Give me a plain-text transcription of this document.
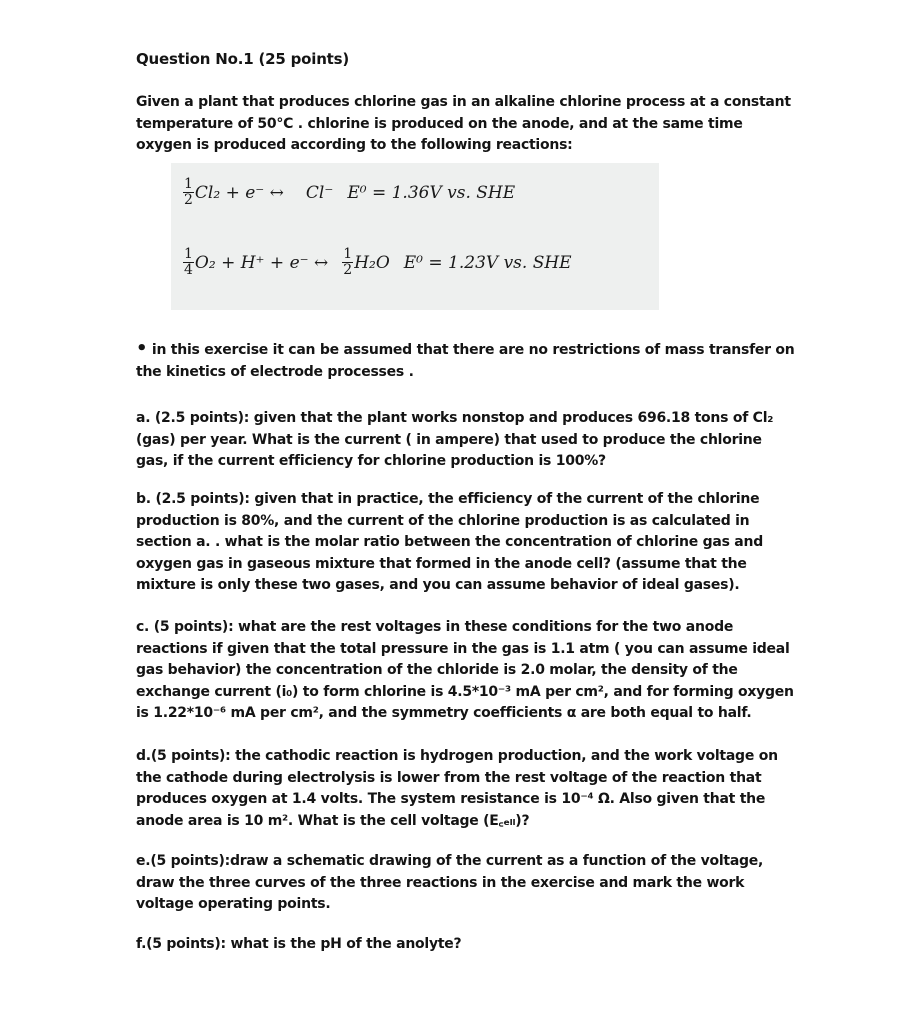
Question No.1 (25 points)
Given a plant that produces chlorine gas in an alkaline chlorine process at a constant temperature of 50°C . chlorine is produced on the anode, and at the same time oxygen is produced according to the following reactions:
$\frac{1}{2} Cl_2 + e^-$ ↔ Cl⁻ E⁰ = 1.36V vs. SHE
$\frac{1}{4} O_2 + H^+ + e^-$ ↔ $\frac{1}{2} H_2O$ E⁰ = 1.23V vs. SHE
• in this exercise it can be assumed that there are no restrictions of mass transfer on the kinetics of electrode processes .
a. (2.5 points): given that the plant works nonstop and produces 696.18 tons of Cl₂ (gas) per year. What is the current ( in ampere) that used to produce the chlorine gas, if the current efficiency for chlorine production is 100%?
b. (2.5 points): given that in practice, the efficiency of the current of the chlorine production is 80%, and the current of the chlorine production is as calculated in section a. . what is the molar ratio between the concentration of chlorine gas and oxygen gas in gaseous mixture that formed in the anode cell? (assume that the mixture is only these two gases, and you can assume behavior of ideal gases).
c. (5 points): what are the rest voltages in these conditions for the two anode reactions if given that the total pressure in the gas is 1.1 atm ( you can assume ideal gas behavior) the concentration of the chloride is 2.0 molar, the density of the exchange current (i₀) to form chlorine is 4.5*10⁻³ mA per cm², and for forming oxygen is 1.22*10⁻⁶ mA per cm², and the symmetry coefficients α are both equal to half.
d.(5 points): the cathodic reaction is hydrogen production, and the work voltage on the cathode during electrolysis is lower from the rest voltage of the reaction that produces oxygen at 1.4 volts. The system resistance is 10⁻⁴ Ω. Also given that the anode area is 10 m². What is the cell voltage (E꜀ₑₗₗ)?
e.(5 points):draw a schematic drawing of the current as a function of the voltage, draw the three curves of the three reactions in the exercise and mark the work voltage operating points.
f.(5 points): what is the pH of the anolyte?
